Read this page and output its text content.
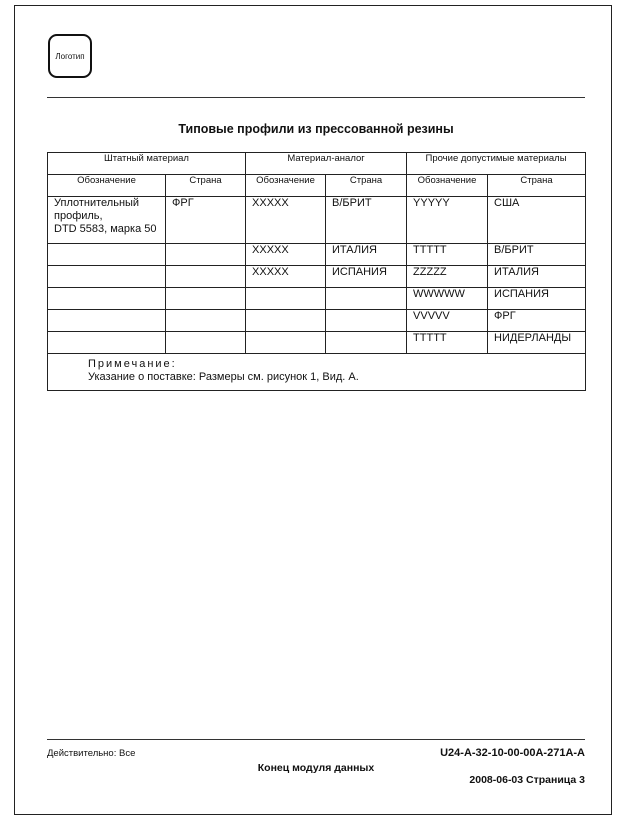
Логотип
Типовые профили из прессованной резины
Штатный материал	Материал-аналог	Прочие допустимые материалы
Обозначение	Страна	Обозначение	Страна	Обозначение	Страна

Уплотнительный
профиль,
DTD 5583, марка 50
	ФРГ	XXXXX	В/БРИТ	YYYYY	США
		XXXXX	ИТАЛИЯ	TTTTT	В/БРИТ
		XXXXX	ИСПАНИЯ	ZZZZZ	ИТАЛИЯ
				WWWWW	ИСПАНИЯ
				VVVVV	ФРГ
				TTTTT	НИДЕРЛАНДЫ

Примечание:
Указание о поставке: Размеры см. рисунок 1, Вид. А.
Действительно: Все
Конец модуля данных
U24-A-32-10-00-00A-271A-A
2008-06-03 Страница 3
